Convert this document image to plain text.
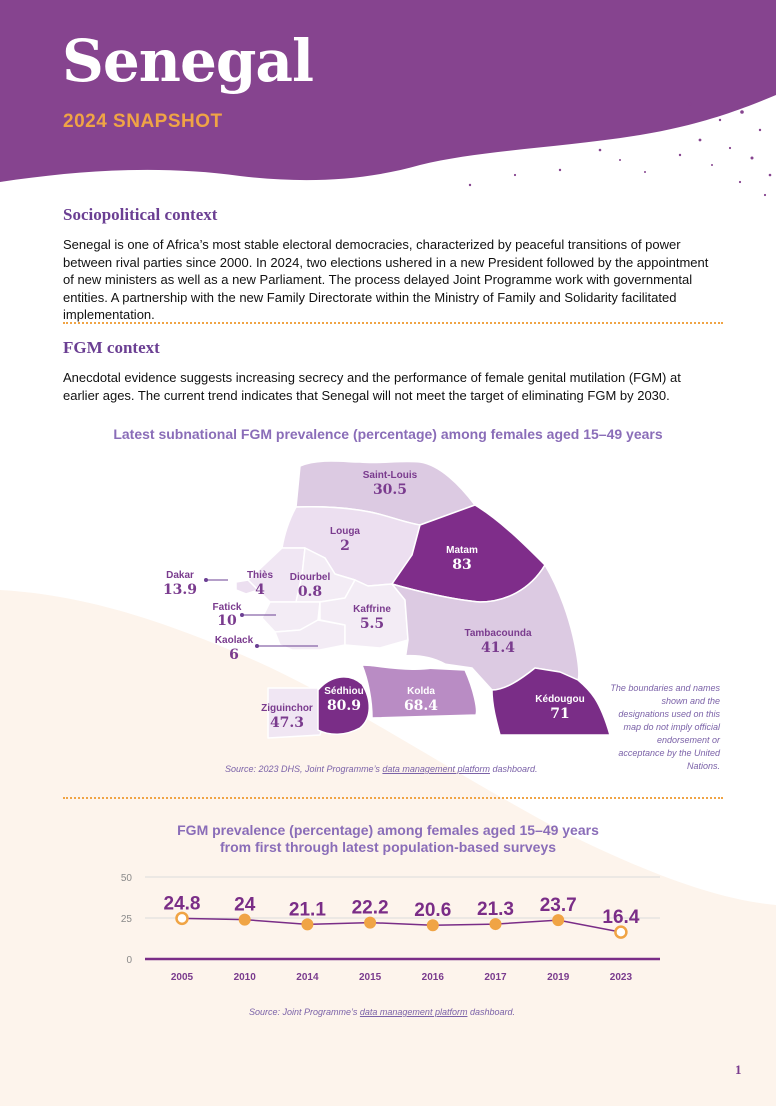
Senegal
2024 SNAPSHOT
Sociopolitical context

Senegal is one of Africa’s most stable electoral democracies, characterized by peaceful transitions of power between rival parties since 2000. In 2024, two elections ushered in a new President followed by the appointment of new ministers as well as a new Parliament. The process delayed Joint Programme work with governmental entities. A partnership with the new Family Directorate within the Ministry of Family and Solidarity facilitated implementation.

FGM context

Anecdotal evidence suggests increasing secrecy and the performance of female genital mutilation (FGM) at earlier ages. The current trend indicates that Senegal will not meet the target of eliminating FGM by 2030.

Latest subnational FGM prevalence (percentage) among females aged 15–49 years
Saint-Louis
30.5
Louga
2	Matam
83
Dakar
13.9
Thiès
4
Diourbel
0.8
Fatick
10
Kaffrine
5.5
Kaolack
6
Tambacounda
41.4
Sédhiou
80.9
Kolda
68.4
Ziguinchor
47.3
Kédougou
71
Source: 2023 DHS, Joint Programme’s data management platform dashboard.
The boundaries and names shown and the designations used on this map do not imply official endorsement or acceptance by the United Nations.
FGM prevalence (percentage) among females aged 15–49 years
from first through latest population-based surveys
50
25
0
24.8
2005
24
2010
21.1
2014
22.2
2015
20.6
2016
21.3
2017
23.7
2019
16.4
2023
Source: Joint Programme’s data management platform dashboard.
1
